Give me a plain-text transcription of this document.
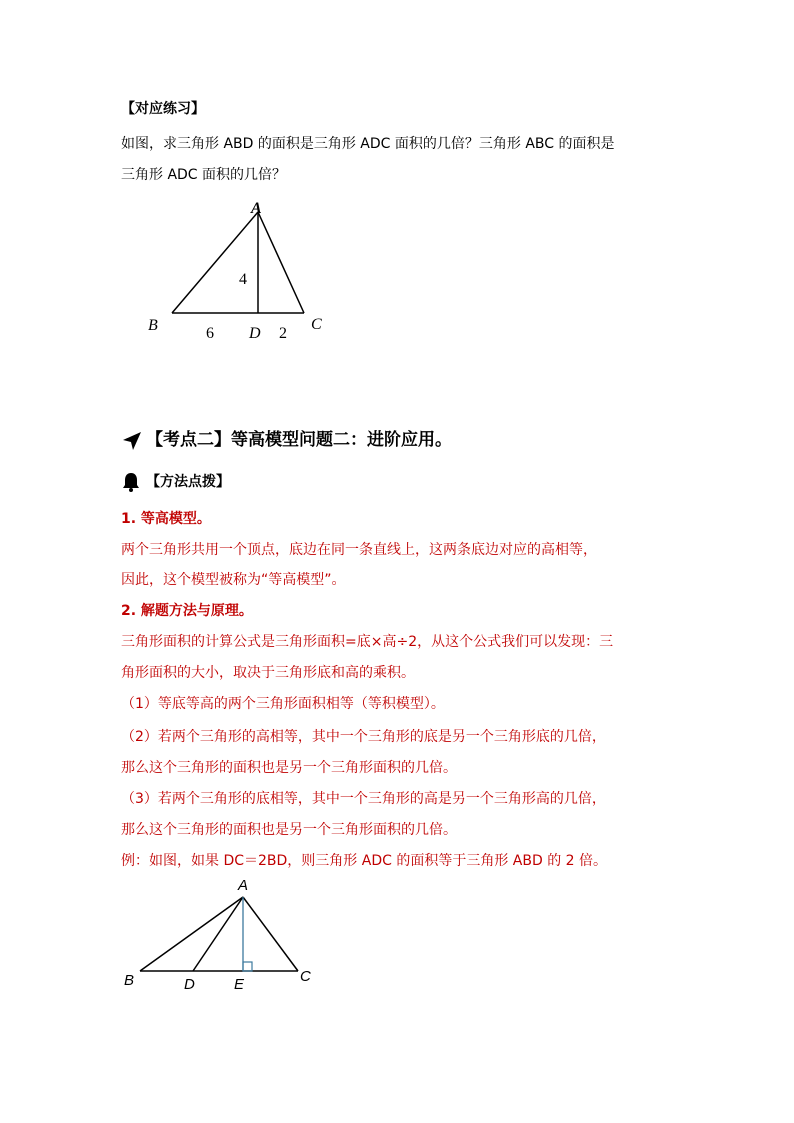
【对应练习】

如图，求三角形 ABD 的面积是三角形 ADC 面积的几倍？三角形 ABC 的面积是

三角形 ADC 面积的几倍？

A
B	C
D
4
6	2

【考点二】等高模型问题二：进阶应用。

【方法点拨】

1. 等高模型。

两个三角形共用一个顶点，底边在同一条直线上，这两条底边对应的高相等，

因此，这个模型被称为“等高模型”。

2. 解题方法与原理。

三角形面积的计算公式是三角形面积=底×高÷2，从这个公式我们可以发现：三

角形面积的大小，取决于三角形底和高的乘积。

（1）等底等高的两个三角形面积相等（等积模型）。

（2）若两个三角形的高相等，其中一个三角形的底是另一个三角形底的几倍，

那么这个三角形的面积也是另一个三角形面积的几倍。

（3）若两个三角形的底相等，其中一个三角形的高是另一个三角形高的几倍，

那么这个三角形的面积也是另一个三角形面积的几倍。

例：如图，如果 DC＝2BD，则三角形 ADC 的面积等于三角形 ABD 的 2 倍。

A
B	C
D	E
